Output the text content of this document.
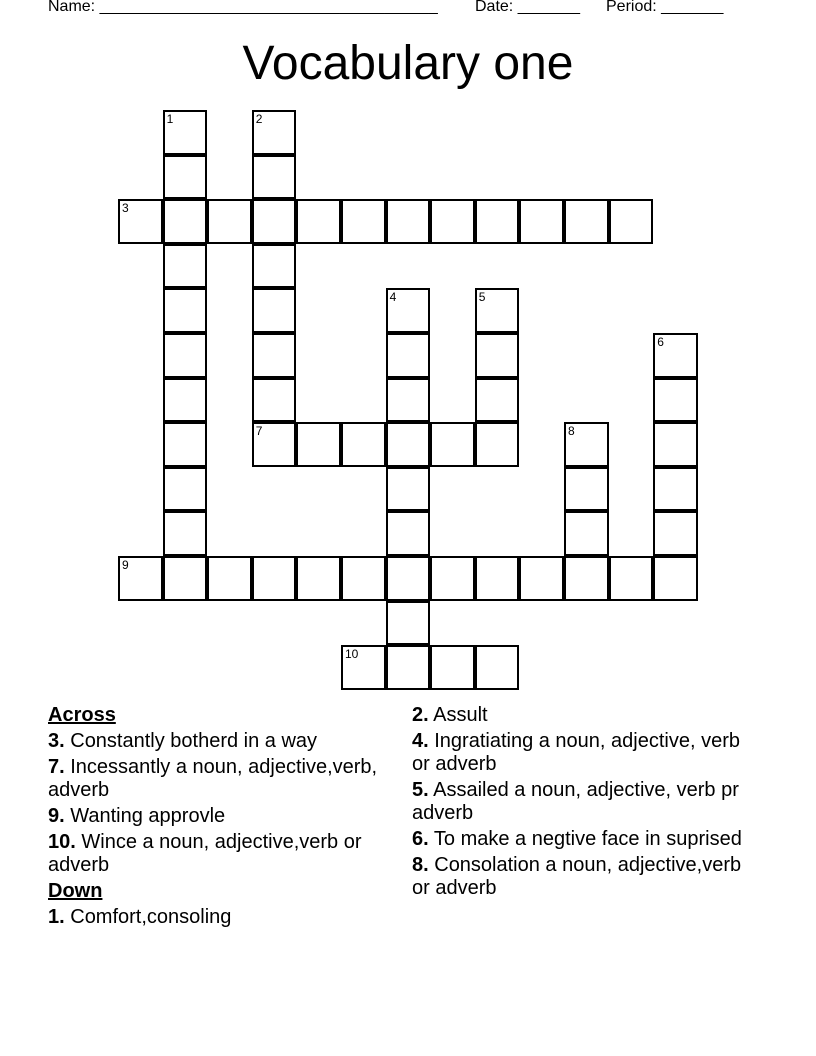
Name: ______________________________________ Date: _______ Period: _______
Vocabulary one
1	2
3
4	5
6
7	8
9
10
Across
3. Constantly botherd in a way
7. Incessantly a noun, adjective,verb, adverb
9. Wanting approvle
10. Wince a noun, adjective,verb or adverb
Down
1. Comfort,consoling
2. Assult
4. Ingratiating a noun, adjective, verb or adverb
5. Assailed a noun, adjective, verb pr adverb
6. To make a negtive face in suprised
8. Consolation a noun, adjective,verb or adverb
